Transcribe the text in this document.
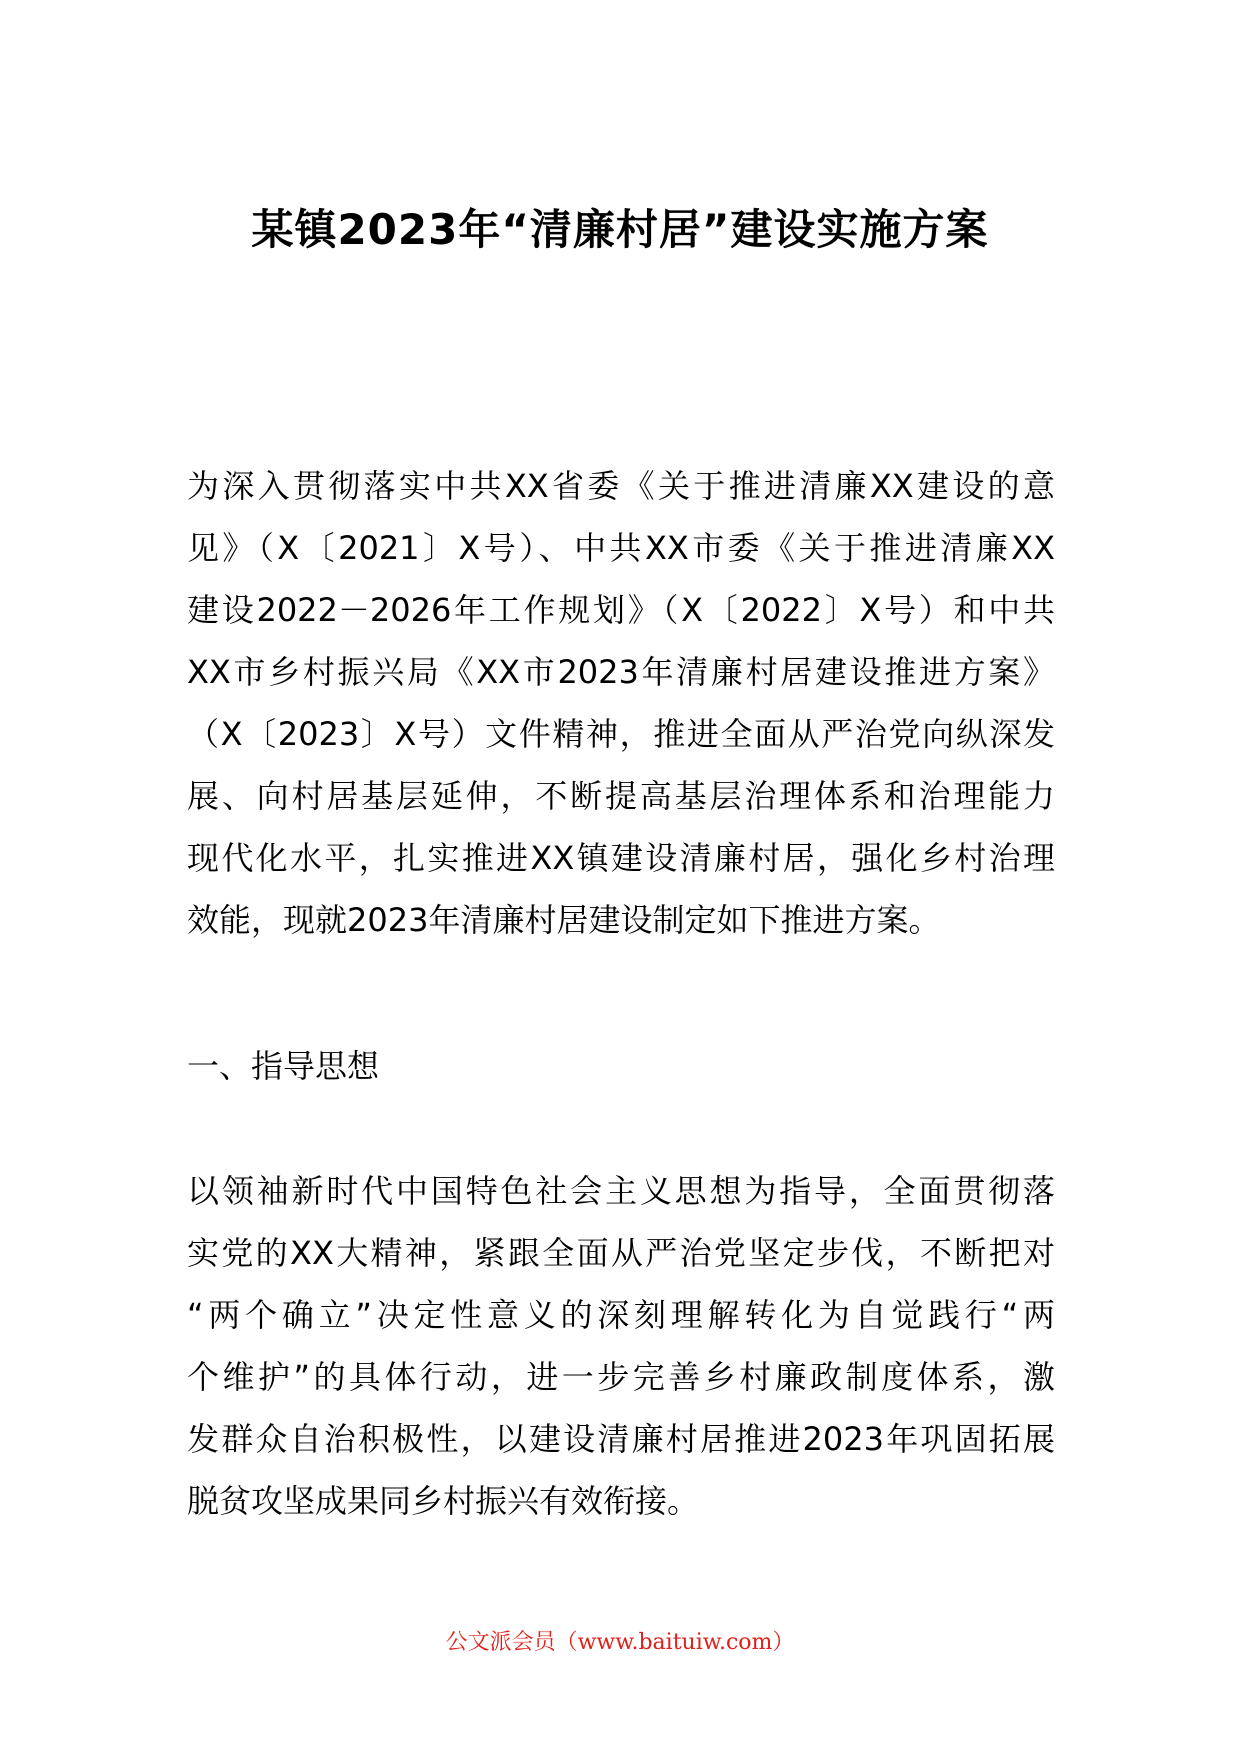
某镇2023年“清廉村居”建设实施方案
为深入贯彻落实中共XX省委《关于推进清廉XX建设的意
见》（X〔2021〕X号）、中共XX市委《关于推进清廉XX
建设2022－2026年工作规划》（X〔2022〕X号）和中共
XX市乡村振兴局《XX市2023年清廉村居建设推进方案》
（X〔2023〕X号）文件精神，推进全面从严治党向纵深发
展、向村居基层延伸，不断提高基层治理体系和治理能力
现代化水平，扎实推进XX镇建设清廉村居，强化乡村治理
效能，现就2023年清廉村居建设制定如下推进方案。
一、指导思想
以领袖新时代中国特色社会主义思想为指导，全面贯彻落
实党的XX大精神，紧跟全面从严治党坚定步伐，不断把对
“两个确立”决定性意义的深刻理解转化为自觉践行“两
个维护”的具体行动，进一步完善乡村廉政制度体系，激
发群众自治积极性，以建设清廉村居推进2023年巩固拓展
脱贫攻坚成果同乡村振兴有效衔接。
公文派会员（www.baituiw.com）
